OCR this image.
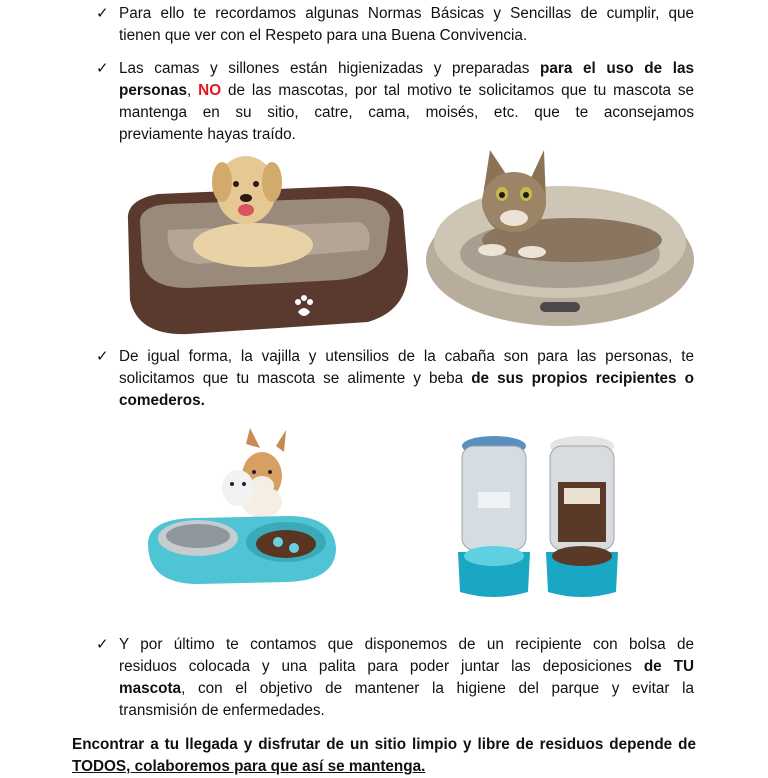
✓ Para ello te recordamos algunas Normas Básicas y Sencillas de cumplir, que
tienen que ver con el Respeto para una Buena Convivencia.
✓ Las camas y sillones están higienizadas y preparadas para el uso de las
personas, NO de las mascotas, por tal motivo te solicitamos que tu mascota se
mantenga en su sitio, catre, cama, moisés, etc. que te aconsejamos
previamente hayas traído.
✓ De igual forma, la vajilla y utensilios de la cabaña son para las personas, te
solicitamos que tu mascota se alimente y beba de sus propios recipientes o
comederos.
✓ Y por último te contamos que disponemos de un recipiente con bolsa de
residuos colocada y una palita para poder juntar las deposiciones de TU
mascota, con el objetivo de mantener la higiene del parque y evitar la
transmisión de enfermedades.
Encontrar a tu llegada y disfrutar de un sitio limpio y libre de residuos depende de
TODOS, colaboremos para que así se mantenga.
